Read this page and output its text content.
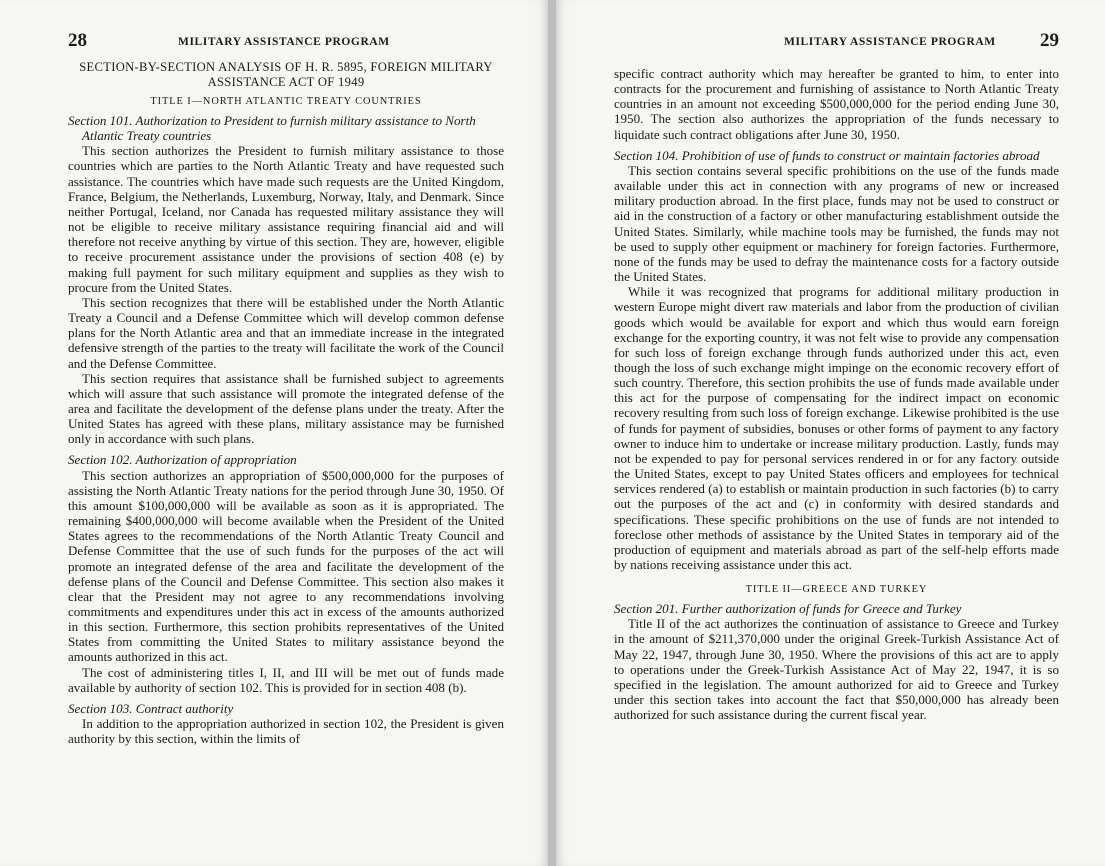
28	MILITARY ASSISTANCE PROGRAM
SECTION-BY-SECTION ANALYSIS OF H. R. 5895, FOREIGN MILITARY ASSISTANCE ACT OF 1949
TITLE I—NORTH ATLANTIC TREATY COUNTRIES
Section 101. Authorization to President to furnish military assistance to North Atlantic Treaty countries

This section authorizes the President to furnish military assistance to those countries which are parties to the North Atlantic Treaty and have requested such assistance. The countries which have made such requests are the United Kingdom, France, Belgium, the Netherlands, Luxemburg, Norway, Italy, and Denmark. Since neither Portugal, Iceland, nor Canada has requested military assistance they will not be eligible to receive military assistance requiring financial aid and will therefore not receive anything by virtue of this section. They are, however, eligible to receive procurement assistance under the provisions of section 408 (e) by making full payment for such military equipment and supplies as they wish to procure from the United States.

This section recognizes that there will be established under the North Atlantic Treaty a Council and a Defense Committee which will develop common defense plans for the North Atlantic area and that an immediate increase in the integrated defensive strength of the parties to the treaty will facilitate the work of the Council and the Defense Committee.

This section requires that assistance shall be furnished subject to agreements which will assure that such assistance will promote the integrated defense of the area and facilitate the development of the defense plans under the treaty. After the United States has agreed with these plans, military assistance may be furnished only in accordance with such plans.

Section 102. Authorization of appropriation

This section authorizes an appropriation of $500,000,000 for the purposes of assisting the North Atlantic Treaty nations for the period through June 30, 1950. Of this amount $100,000,000 will be available as soon as it is appropriated. The remaining $400,000,000 will become available when the President of the United States agrees to the recommendations of the North Atlantic Treaty Council and Defense Committee that the use of such funds for the purposes of the act will promote an integrated defense of the area and facilitate the development of the defense plans of the Council and Defense Committee. This section also makes it clear that the President may not agree to any recommendations involving commitments and expenditures under this act in excess of the amounts authorized in this section. Furthermore, this section prohibits representatives of the United States from committing the United States to military assistance beyond the amounts authorized in this act.

The cost of administering titles I, II, and III will be met out of funds made available by authority of section 102. This is provided for in section 408 (b).

Section 103. Contract authority

In addition to the appropriation authorized in section 102, the President is given authority by this section, within the limits of

MILITARY ASSISTANCE PROGRAM 29

specific contract authority which may hereafter be granted to him, to enter into contracts for the procurement and furnishing of assistance to North Atlantic Treaty countries in an amount not exceeding $500,000,000 for the period ending June 30, 1950. The section also authorizes the appropriation of the funds necessary to liquidate such contract obligations after June 30, 1950.

Section 104. Prohibition of use of funds to construct or maintain factories abroad

This section contains several specific prohibitions on the use of the funds made available under this act in connection with any programs of new or increased military production abroad. In the first place, funds may not be used to construct or aid in the construction of a factory or other manufacturing establishment outside the United States. Similarly, while machine tools may be furnished, the funds may not be used to supply other equipment or machinery for foreign factories. Furthermore, none of the funds may be used to defray the maintenance costs for a factory outside the United States.

While it was recognized that programs for additional military production in western Europe might divert raw materials and labor from the production of civilian goods which would be available for export and which thus would earn foreign exchange for the exporting country, it was not felt wise to provide any compensation for such loss of foreign exchange through funds authorized under this act, even though the loss of such exchange might impinge on the economic recovery effort of such country. Therefore, this section prohibits the use of funds made available under this act for the purpose of compensating for the indirect impact on economic recovery resulting from such loss of foreign exchange. Likewise prohibited is the use of funds for payment of subsidies, bonuses or other forms of payment to any factory owner to induce him to undertake or increase military production. Lastly, funds may not be expended to pay for personal services rendered in or for any factory outside the United States, except to pay United States officers and employees for technical services rendered (a) to establish or maintain production in such factories (b) to carry out the purposes of the act and (c) in conformity with desired standards and specifications. These specific prohibitions on the use of funds are not intended to foreclose other methods of assistance by the United States in temporary aid of the production of equipment and materials abroad as part of the self-help efforts made by nations receiving assistance under this act.

TITLE II—GREECE AND TURKEY
Section 201. Further authorization of funds for Greece and Turkey

Title II of the act authorizes the continuation of assistance to Greece and Turkey in the amount of $211,370,000 under the original Greek-Turkish Assistance Act of May 22, 1947, through June 30, 1950. Where the provisions of this act are to apply to operations under the Greek-Turkish Assistance Act of May 22, 1947, it is so specified in the legislation. The amount authorized for aid to Greece and Turkey under this section takes into account the fact that $50,000,000 has already been authorized for such assistance during the current fiscal year.
